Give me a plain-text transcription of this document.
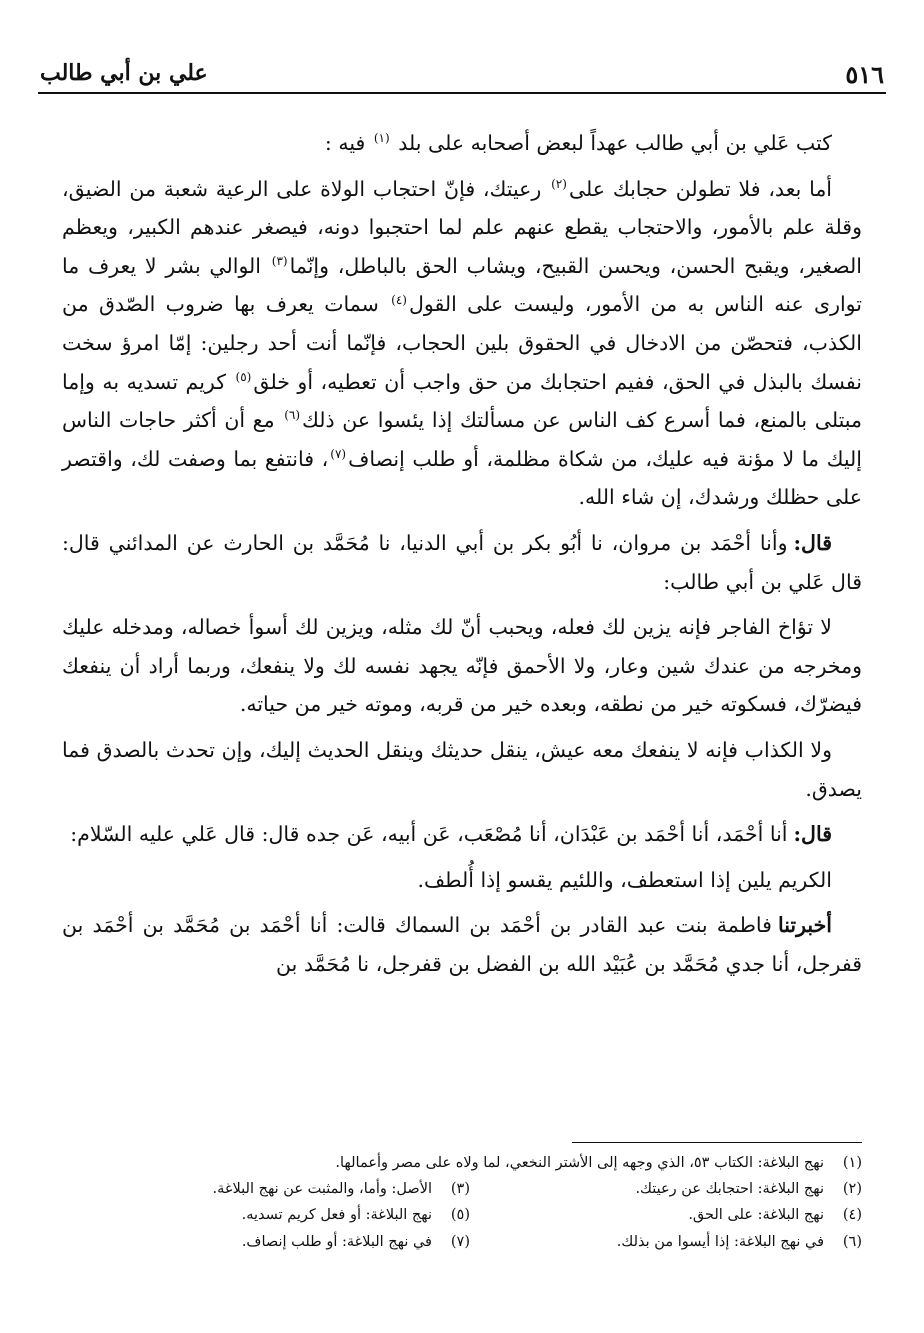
٥١٦
علي بن أبي طالب

كتب عَلي بن أبي طالب عهداً لبعض أصحابه على بلد $^{(١)}$ فيه :

أما بعد، فلا تطولن حجابك على$^{(٢)}$ رعيتك، فإنّ احتجاب الولاة على الرعية شعبة من الضيق، وقلة علم بالأمور، والاحتجاب يقطع عنهم علم لما احتجبوا دونه، فيصغر عندهم الكبير، ويعظم الصغير، ويقبح الحسن، ويحسن القبيح، ويشاب الحق بالباطل، وإنّما$^{(٣)}$ الوالي بشر لا يعرف ما توارى عنه الناس به من الأمور، وليست على القول$^{(٤)}$ سمات يعرف بها ضروب الصّدق من الكذب، فتحصّن من الادخال في الحقوق بلين الحجاب، فإنّما أنت أحد رجلين: إمّا امرؤ سخت نفسك بالبذل في الحق، ففيم احتجابك من حق واجب أن تعطيه، أو خلق$^{(٥)}$ كريم تسديه به وإما مبتلى بالمنع، فما أسرع كف الناس عن مسألتك إذا يئسوا عن ذلك$^{(٦)}$ مع أن أكثر حاجات الناس إليك ما لا مؤنة فيه عليك، من شكاة مظلمة، أو طلب إنصاف$^{(٧)}$، فانتفع بما وصفت لك، واقتصر على حظلك ورشدك، إن شاء الله.

قال:وأنا أحْمَد بن مروان، نا أبُو بكر بن أبي الدنيا، نا مُحَمَّد بن الحارث عن المدائني قال: قال عَلي بن أبي طالب:

لا تؤاخ الفاجر فإنه يزين لك فعله، ويحبب أنّ لك مثله، ويزين لك أسوأ خصاله، ومدخله عليك ومخرجه من عندك شين وعار، ولا الأحمق فإنّه يجهد نفسه لك ولا ينفعك، وربما أراد أن ينفعك فيضرّك، فسكوته خير من نطقه، وبعده خير من قربه، وموته خير من حياته.

ولا الكذاب فإنه لا ينفعك معه عيش، ينقل حديثك وينقل الحديث إليك، وإن تحدث بالصدق فما يصدق.

قال:أنا أحْمَد، أنا أحْمَد بن عَبْدَان، أنا مُصْعَب، عَن أبيه، عَن جده قال: قال عَلي عليه السّلام:

الكريم يلين إذا استعطف، واللئيم يقسو إذا أُلطف.

أخبرتنافاطمة بنت عبد القادر بن أحْمَد بن السماك قالت: أنا أحْمَد بن مُحَمَّد بن أحْمَد بن قفرجل، أنا جدي مُحَمَّد بن عُبَيْد الله بن الفضل بن قفرجل، نا مُحَمَّد بن

(١)نهج البلاغة: الكتاب ٥٣، الذي وجهه إلى الأشتر النخعي، لما ولاه على مصر وأعمالها.
(٢)نهج البلاغة: احتجابك عن رعيتك.
(٣)الأصل: وأما، والمثبت عن نهج البلاغة.
(٤)نهج البلاغة: على الحق.
(٥)نهج البلاغة: أو فعل كريم تسديه.
(٦)في نهج البلاغة: إذا أيسوا من بذلك.
(٧)في نهج البلاغة: أو طلب إنصاف.
